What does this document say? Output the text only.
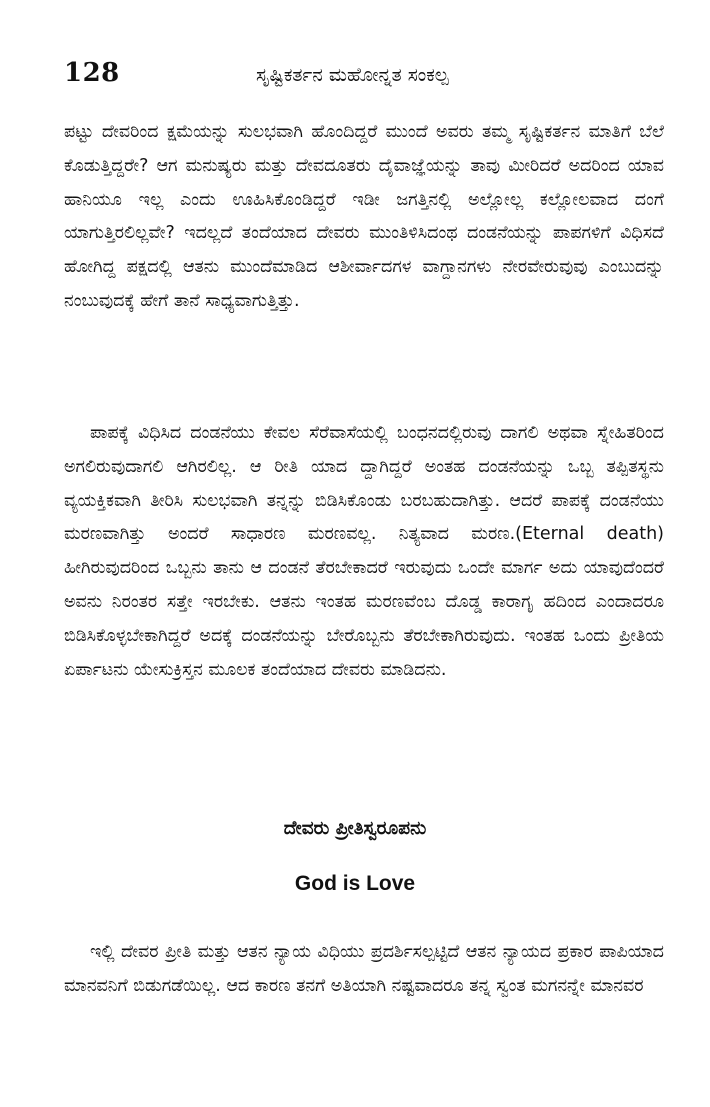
128	ಸೃಷ್ಟಿಕರ್ತನ ಮಹೋನ್ನತ ಸಂಕಲ್ಪ

ಪಟ್ಟು ದೇವರಿಂದ ಕ್ಷಮೆಯನ್ನು ಸುಲಭವಾಗಿ ಹೊಂದಿದ್ದರೆ ಮುಂದೆ ಅವರು ತಮ್ಮ ಸೃಷ್ಟಿಕರ್ತನ ಮಾತಿಗೆ ಬೆಲೆ ಕೊಡುತ್ತಿದ್ದರೇ? ಆಗ ಮನುಷ್ಯರು ಮತ್ತು ದೇವದೂತರು ದೈವಾಜ್ಞೆಯನ್ನು ತಾವು ಮೀರಿದರೆ ಅದರಿಂದ ಯಾವ ಹಾನಿಯೂ ಇಲ್ಲ ಎಂದು ಊಹಿಸಿಕೊಂಡಿದ್ದರೆ ಇಡೀ ಜಗತ್ತಿನಲ್ಲಿ ಅಲ್ಲೋಲ್ಲ ಕಲ್ಲೋಲವಾದ ದಂಗೆ ಯಾಗುತ್ತಿರಲಿಲ್ಲವೇ? ಇದಲ್ಲದೆ ತಂದೆಯಾದ ದೇವರು ಮುಂತಿಳಿಸಿದಂಥ ದಂಡನೆಯನ್ನು ಪಾಪಗಳಿಗೆ ವಿಧಿಸದೆ ಹೋಗಿದ್ದ ಪಕ್ಷದಲ್ಲಿ ಆತನು ಮುಂದೆಮಾಡಿದ ಆಶೀರ್ವಾದಗಳ ವಾಗ್ದಾನಗಳು ನೇರವೇರುವುವು ಎಂಬುದನ್ನು ನಂಬುವುದಕ್ಕೆ ಹೇಗೆ ತಾನೆ ಸಾಧ್ಯವಾಗುತ್ತಿತ್ತು.

ಪಾಪಕ್ಕೆ ವಿಧಿಸಿದ ದಂಡನೆಯು ಕೇವಲ ಸೆರೆವಾಸೆಯಲ್ಲಿ ಬಂಧನದಲ್ಲಿರುವು ದಾಗಲಿ ಅಥವಾ ಸ್ನೇಹಿತರಿಂದ ಅಗಲಿರುವುದಾಗಲಿ ಆಗಿರಲಿಲ್ಲ. ಆ ರೀತಿ ಯಾದ ದ್ದಾಗಿದ್ದರೆ ಅಂತಹ ದಂಡನೆಯನ್ನು ಒಬ್ಬ ತಪ್ಪಿತಸ್ಥನು ವ್ಯಯಕ್ತಿಕವಾಗಿ ತೀರಿಸಿ ಸುಲಭವಾಗಿ ತನ್ನನ್ನು ಬಿಡಿಸಿಕೊಂಡು ಬರಬಹುದಾಗಿತ್ತು. ಆದರೆ ಪಾಪಕ್ಕೆ ದಂಡನೆಯು ಮರಣವಾಗಿತ್ತು ಅಂದರೆ ಸಾಧಾರಣ ಮರಣವಲ್ಲ. ನಿತ್ಯವಾದ ಮರಣ.(Eternal death) ಹೀಗಿರುವುದರಿಂದ ಒಬ್ಬನು ತಾನು ಆ ದಂಡನೆ ತೆರಬೇಕಾದರೆ ಇರುವುದು ಒಂದೇ ಮಾರ್ಗ ಅದು ಯಾವುದೆಂದರೆ ಅವನು ನಿರಂತರ ಸತ್ತೇ ಇರಬೇಕು. ಆತನು ಇಂತಹ ಮರಣವೆಂಬ ದೊಡ್ಡ ಕಾರಾಗೃ ಹದಿಂದ ಎಂದಾದರೂ ಬಿಡಿಸಿಕೊಳ್ಳಬೇಕಾಗಿದ್ದರೆ ಅದಕ್ಕೆ ದಂಡನೆಯನ್ನು ಬೇರೊಬ್ಬನು ತೆರಬೇಕಾಗಿರುವುದು. ಇಂತಹ ಒಂದು ಪ್ರೀತಿಯ ಏರ್ಪಾಟನು ಯೇಸುಕ್ರಿಸ್ತನ ಮೂಲಕ ತಂದೆಯಾದ ದೇವರು ಮಾಡಿದನು.

ದೇವರು ಪ್ರೀತಿಸ್ವರೂಪನು
God is Love

ಇಲ್ಲಿ ದೇವರ ಪ್ರೀತಿ ಮತ್ತು ಆತನ ನ್ಯಾಯ ವಿಧಿಯು ಪ್ರದರ್ಶಿಸಲ್ಪಟ್ಟಿದೆ ಆತನ ನ್ಯಾಯದ ಪ್ರಕಾರ ಪಾಪಿಯಾದ ಮಾನವನಿಗೆ ಬಿಡುಗಡೆಯಿಲ್ಲ. ಆದ ಕಾರಣ ತನಗೆ ಅತಿಯಾಗಿ ನಷ್ಟವಾದರೂ ತನ್ನ ಸ್ವಂತ ಮಗನನ್ನೇ ಮಾನವರ
